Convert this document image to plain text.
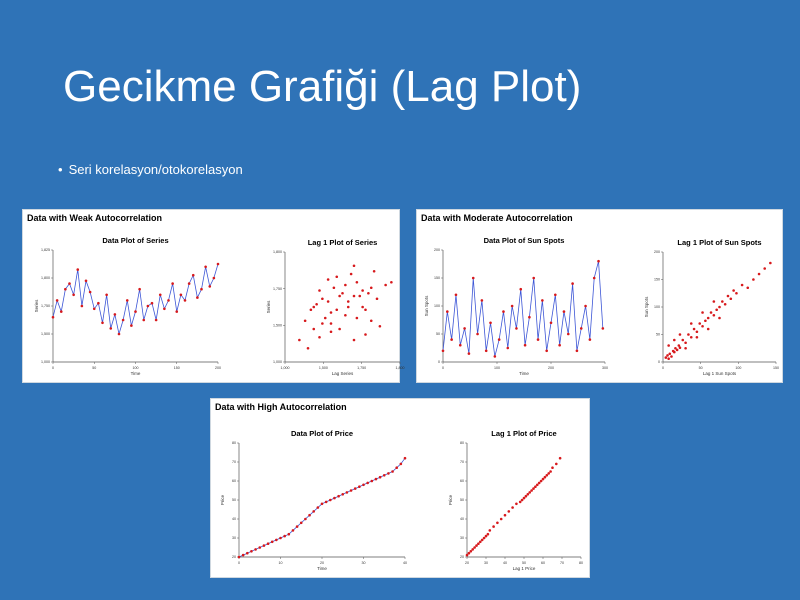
Gecikme Grafiği (Lag Plot)
• Seri korelasyon/otokorelasyon
Data with Weak Autocorrelation
Data Plot of Series
0	50	100	150	200
1,000
1,500
1,750
1,800
1,825
Time
Series
Lag 1 Plot of Series
1,000	1,500	1,750	1,800
1,000
1,500
1,750
1,800
Lag Series
Series
Data with Moderate Autocorrelation
Data Plot of Sun Spots
0	100	200	300
0
50
100
150
200
Time
Sun Spots
Lag 1 Plot of Sun Spots
0	50	100	150
0
50
100
150
200
Lag 1 Sun Spots
Sun Spots
Data with High Autocorrelation
Data Plot of Price
0	10	20	30	40
20
30
40
50
60
70
80
Time
Price
Lag 1 Plot of Price
20	30	40	50	60	70	80
20
30
40
50
60
70
80
Lag 1 Price
Price
